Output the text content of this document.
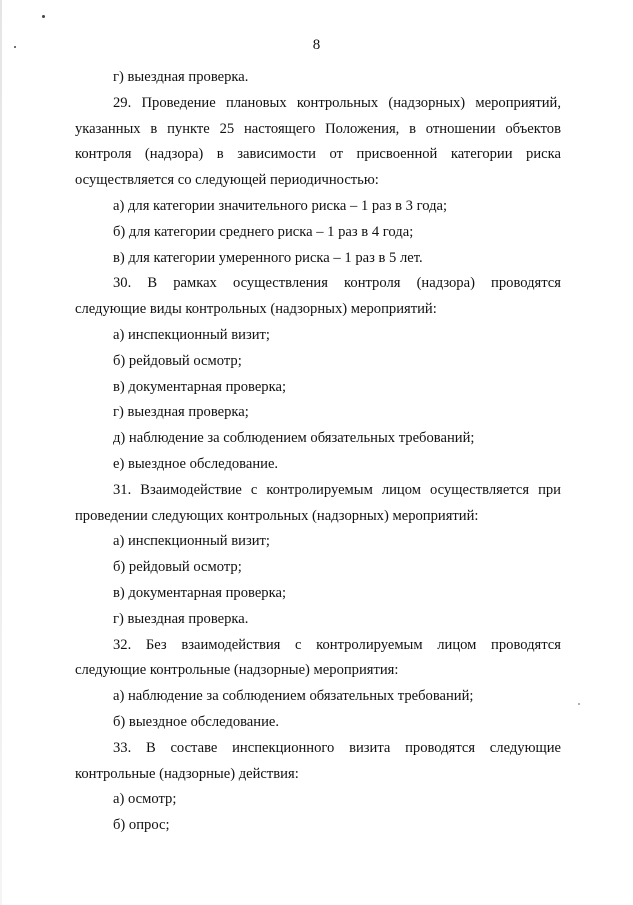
8
г) выездная проверка.
29. Проведение плановых контрольных (надзорных) мероприятий,
указанных в пункте 25 настоящего Положения, в отношении объектов
контроля (надзора) в зависимости от присвоенной категории риска
осуществляется со следующей периодичностью:
а) для категории значительного риска – 1 раз в 3 года;
б) для категории среднего риска – 1 раз в 4 года;
в) для категории умеренного риска – 1 раз в 5 лет.
30. В рамках осуществления контроля (надзора) проводятся
следующие виды контрольных (надзорных) мероприятий:
а) инспекционный визит;
б) рейдовый осмотр;
в) документарная проверка;
г) выездная проверка;
д) наблюдение за соблюдением обязательных требований;
е) выездное обследование.
31. Взаимодействие с контролируемым лицом осуществляется при
проведении следующих контрольных (надзорных) мероприятий:
а) инспекционный визит;
б) рейдовый осмотр;
в) документарная проверка;
г) выездная проверка.
32. Без взаимодействия с контролируемым лицом проводятся
следующие контрольные (надзорные) мероприятия:
а) наблюдение за соблюдением обязательных требований;
б) выездное обследование.
33. В составе инспекционного визита проводятся следующие
контрольные (надзорные) действия:
а) осмотр;
б) опрос;
